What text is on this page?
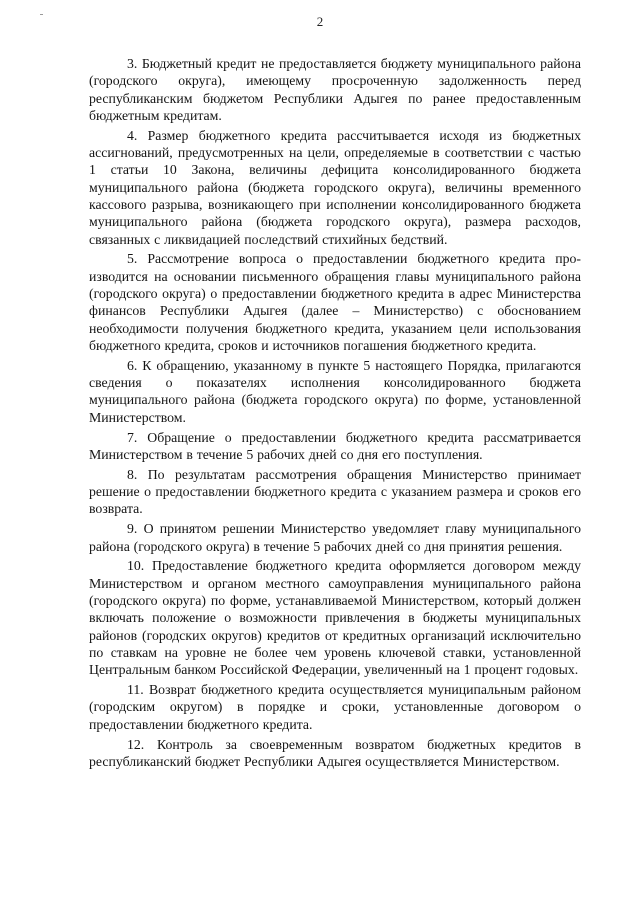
2

3. Бюджетный кредит не предоставляется бюджету муниципального района (городского округа), имеющему просроченную задолженность перед республиканским бюджетом Республики Адыгея по ранее предоставленным бюджетным кредитам.

4. Размер бюджетного кредита рассчитывается исходя из бюджетных ассигнований, предусмотренных на цели, определяемые в соответствии с частью 1 статьи 10 Закона, величины дефицита консолидированного бюджета муниципального района (бюджета городского округа), величины временного кассового разрыва, возникающего при исполнении консолидированного бюджета муниципального района (бюджета городского округа), размера расходов, связанных с ликвидацией последствий стихийных бедствий.

5. Рассмотрение вопроса о предоставлении бюджетного кредита производится на основании письменного обращения главы муниципального района (городского округа) о предоставлении бюджетного кредита в адрес Министерства финансов Республики Адыгея (далее – Министерство) с обоснованием необходимости получения бюджетного кредита, указанием цели использования бюджетного кредита, сроков и источников погашения бюджетного кредита.

6. К обращению, указанному в пункте 5 настоящего Порядка, прилагаются сведения о показателях исполнения консолидированного бюджета муниципального района (бюджета городского округа) по форме, установленной Министерством.

7. Обращение о предоставлении бюджетного кредита рассматривается Министерством в течение 5 рабочих дней со дня его поступления.

8. По результатам рассмотрения обращения Министерство принимает решение о предоставлении бюджетного кредита с указанием размера и сроков его возврата.

9. О принятом решении Министерство уведомляет главу муниципального района (городского округа) в течение 5 рабочих дней со дня принятия решения.

10. Предоставление бюджетного кредита оформляется договором между Министерством и органом местного самоуправления муниципального района (городского округа) по форме, устанавливаемой Министерством, который должен включать положение о возможности привлечения в бюджеты муниципальных районов (городских округов) кредитов от кредитных организаций исключительно по ставкам на уровне не более чем уровень ключевой ставки, установленной Центральным банком Российской Федерации, увеличенный на 1 процент годовых.

11. Возврат бюджетного кредита осуществляется муниципальным районом (городским округом) в порядке и сроки, установленные договором о предоставлении бюджетного кредита.

12. Контроль за своевременным возвратом бюджетных кредитов в республиканский бюджет Республики Адыгея осуществляется Министерством.
